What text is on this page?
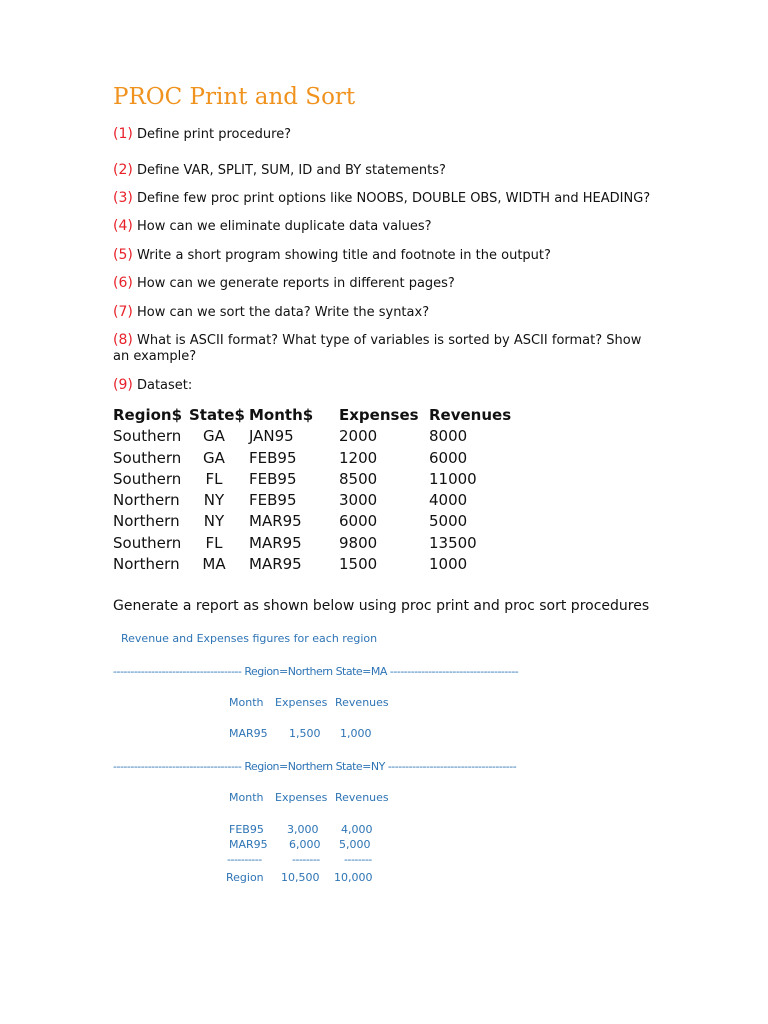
PROC Print and Sort
(1) Define print procedure?
(2) Define VAR, SPLIT, SUM, ID and BY statements?
(3) Define few proc print options like NOOBS, DOUBLE OBS, WIDTH and HEADING?
(4) How can we eliminate duplicate data values?
(5) Write a short program showing title and footnote in the output?
(6) How can we generate reports in different pages?
(7) How can we sort the data? Write the syntax?
(8) What is ASCII format? What type of variables is sorted by ASCII format? Show an example?
(9) Dataset:
Region$ State$ Month$ Expenses Revenues
Southern	GA	JAN95	2000	8000
Southern	GA	FEB95	1200	6000
Southern	FL	FEB95	8500	11000
Northern	NY	FEB95	3000	4000
Northern	NY	MAR95 6000	5000
Southern	FL	MAR95 9800	13500
Northern	MA	MAR95 1500	1000
Generate a report as shown below using proc print and proc sort procedures
Revenue and Expenses figures for each region
------------------------------------- Region=Northern State=MA -------------------------------------
Month Expenses Revenues
MAR95 1,500 1,000
------------------------------------- Region=Northern State=NY -------------------------------------
Month Expenses Revenues
FEB95 3,000 4,000
MAR95 6,000 5,000
----------	-------- --------
Region 10,500 10,000
